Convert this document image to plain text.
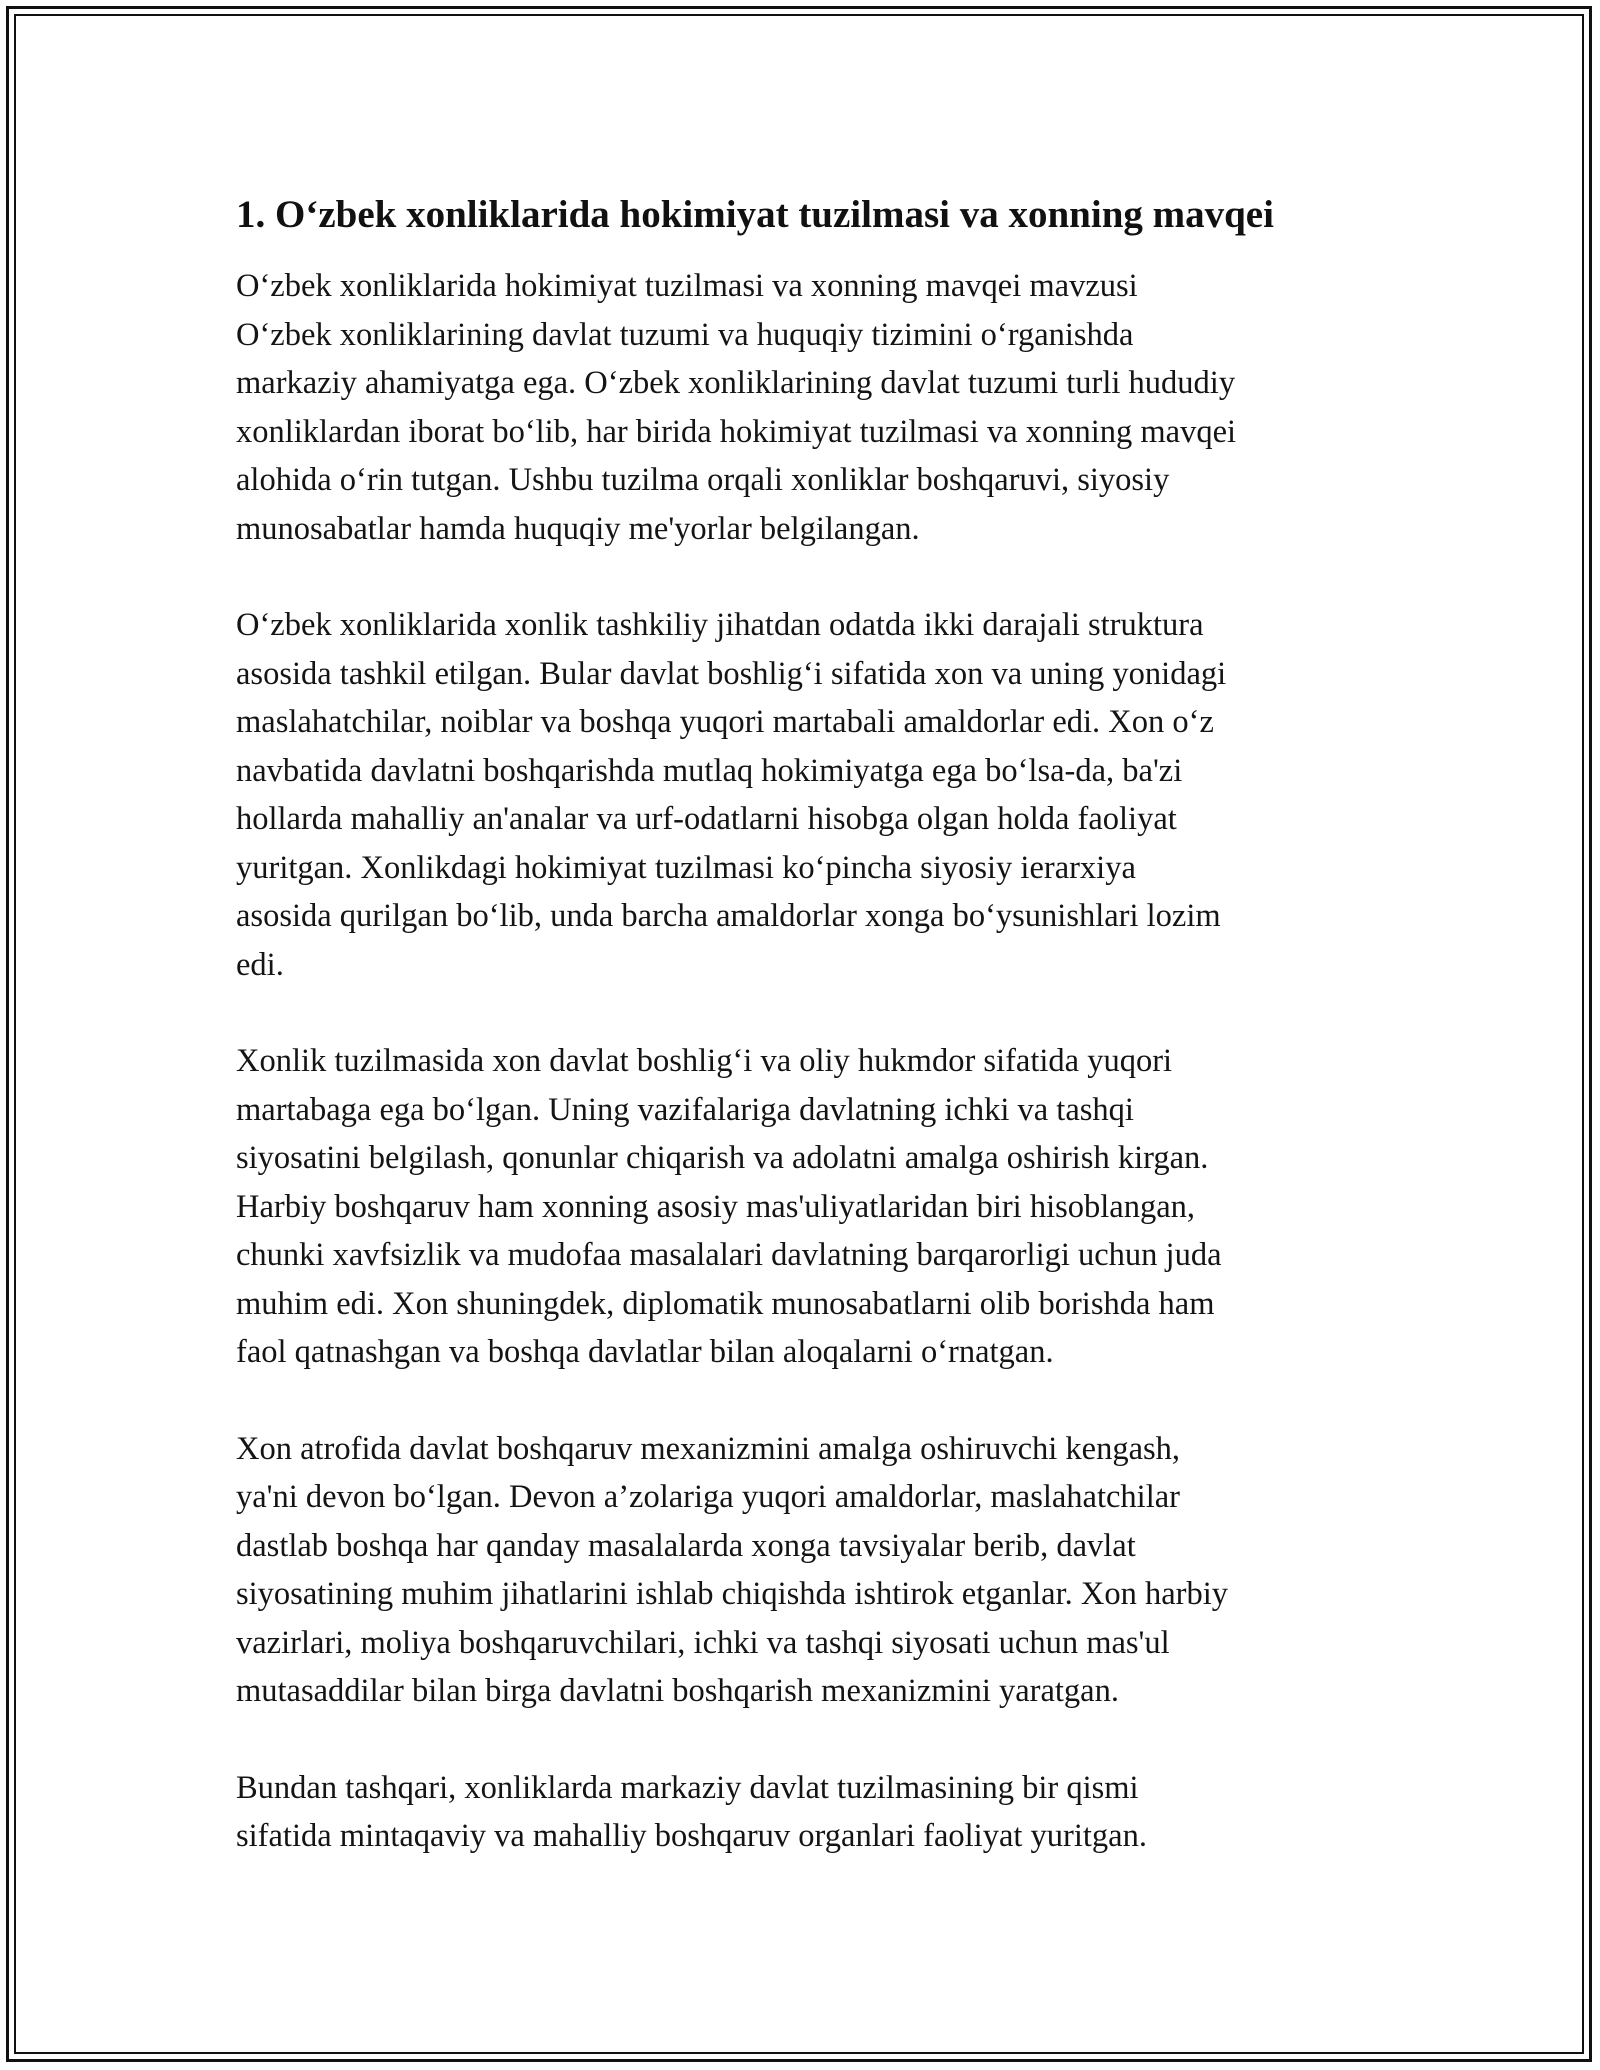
1. O‘zbek xonliklarida hokimiyat tuzilmasi va xonning mavqei

O‘zbek xonliklarida hokimiyat tuzilmasi va xonning mavqei mavzusi
O‘zbek xonliklarining davlat tuzumi va huquqiy tizimini o‘rganishda
markaziy ahamiyatga ega. O‘zbek xonliklarining davlat tuzumi turli hududiy
xonliklardan iborat bo‘lib, har birida hokimiyat tuzilmasi va xonning mavqei
alohida o‘rin tutgan. Ushbu tuzilma orqali xonliklar boshqaruvi, siyosiy
munosabatlar hamda huquqiy me'yorlar belgilangan.

O‘zbek xonliklarida xonlik tashkiliy jihatdan odatda ikki darajali struktura
asosida tashkil etilgan. Bular davlat boshlig‘i sifatida xon va uning yonidagi
maslahatchilar, noiblar va boshqa yuqori martabali amaldorlar edi. Xon o‘z
navbatida davlatni boshqarishda mutlaq hokimiyatga ega bo‘lsa-da, ba'zi
hollarda mahalliy an'analar va urf-odatlarni hisobga olgan holda faoliyat
yuritgan. Xonlikdagi hokimiyat tuzilmasi ko‘pincha siyosiy ierarxiya
asosida qurilgan bo‘lib, unda barcha amaldorlar xonga bo‘ysunishlari lozim
edi.

Xonlik tuzilmasida xon davlat boshlig‘i va oliy hukmdor sifatida yuqori
martabaga ega bo‘lgan. Uning vazifalariga davlatning ichki va tashqi
siyosatini belgilash, qonunlar chiqarish va adolatni amalga oshirish kirgan.
Harbiy boshqaruv ham xonning asosiy mas'uliyatlaridan biri hisoblangan,
chunki xavfsizlik va mudofaa masalalari davlatning barqarorligi uchun juda
muhim edi. Xon shuningdek, diplomatik munosabatlarni olib borishda ham
faol qatnashgan va boshqa davlatlar bilan aloqalarni o‘rnatgan.

Xon atrofida davlat boshqaruv mexanizmini amalga oshiruvchi kengash,
ya'ni devon bo‘lgan. Devon a’zolariga yuqori amaldorlar, maslahatchilar
dastlab boshqa har qanday masalalarda xonga tavsiyalar berib, davlat
siyosatining muhim jihatlarini ishlab chiqishda ishtirok etganlar. Xon harbiy
vazirlari, moliya boshqaruvchilari, ichki va tashqi siyosati uchun mas'ul
mutasaddilar bilan birga davlatni boshqarish mexanizmini yaratgan.

Bundan tashqari, xonliklarda markaziy davlat tuzilmasining bir qismi
sifatida mintaqaviy va mahalliy boshqaruv organlari faoliyat yuritgan.
